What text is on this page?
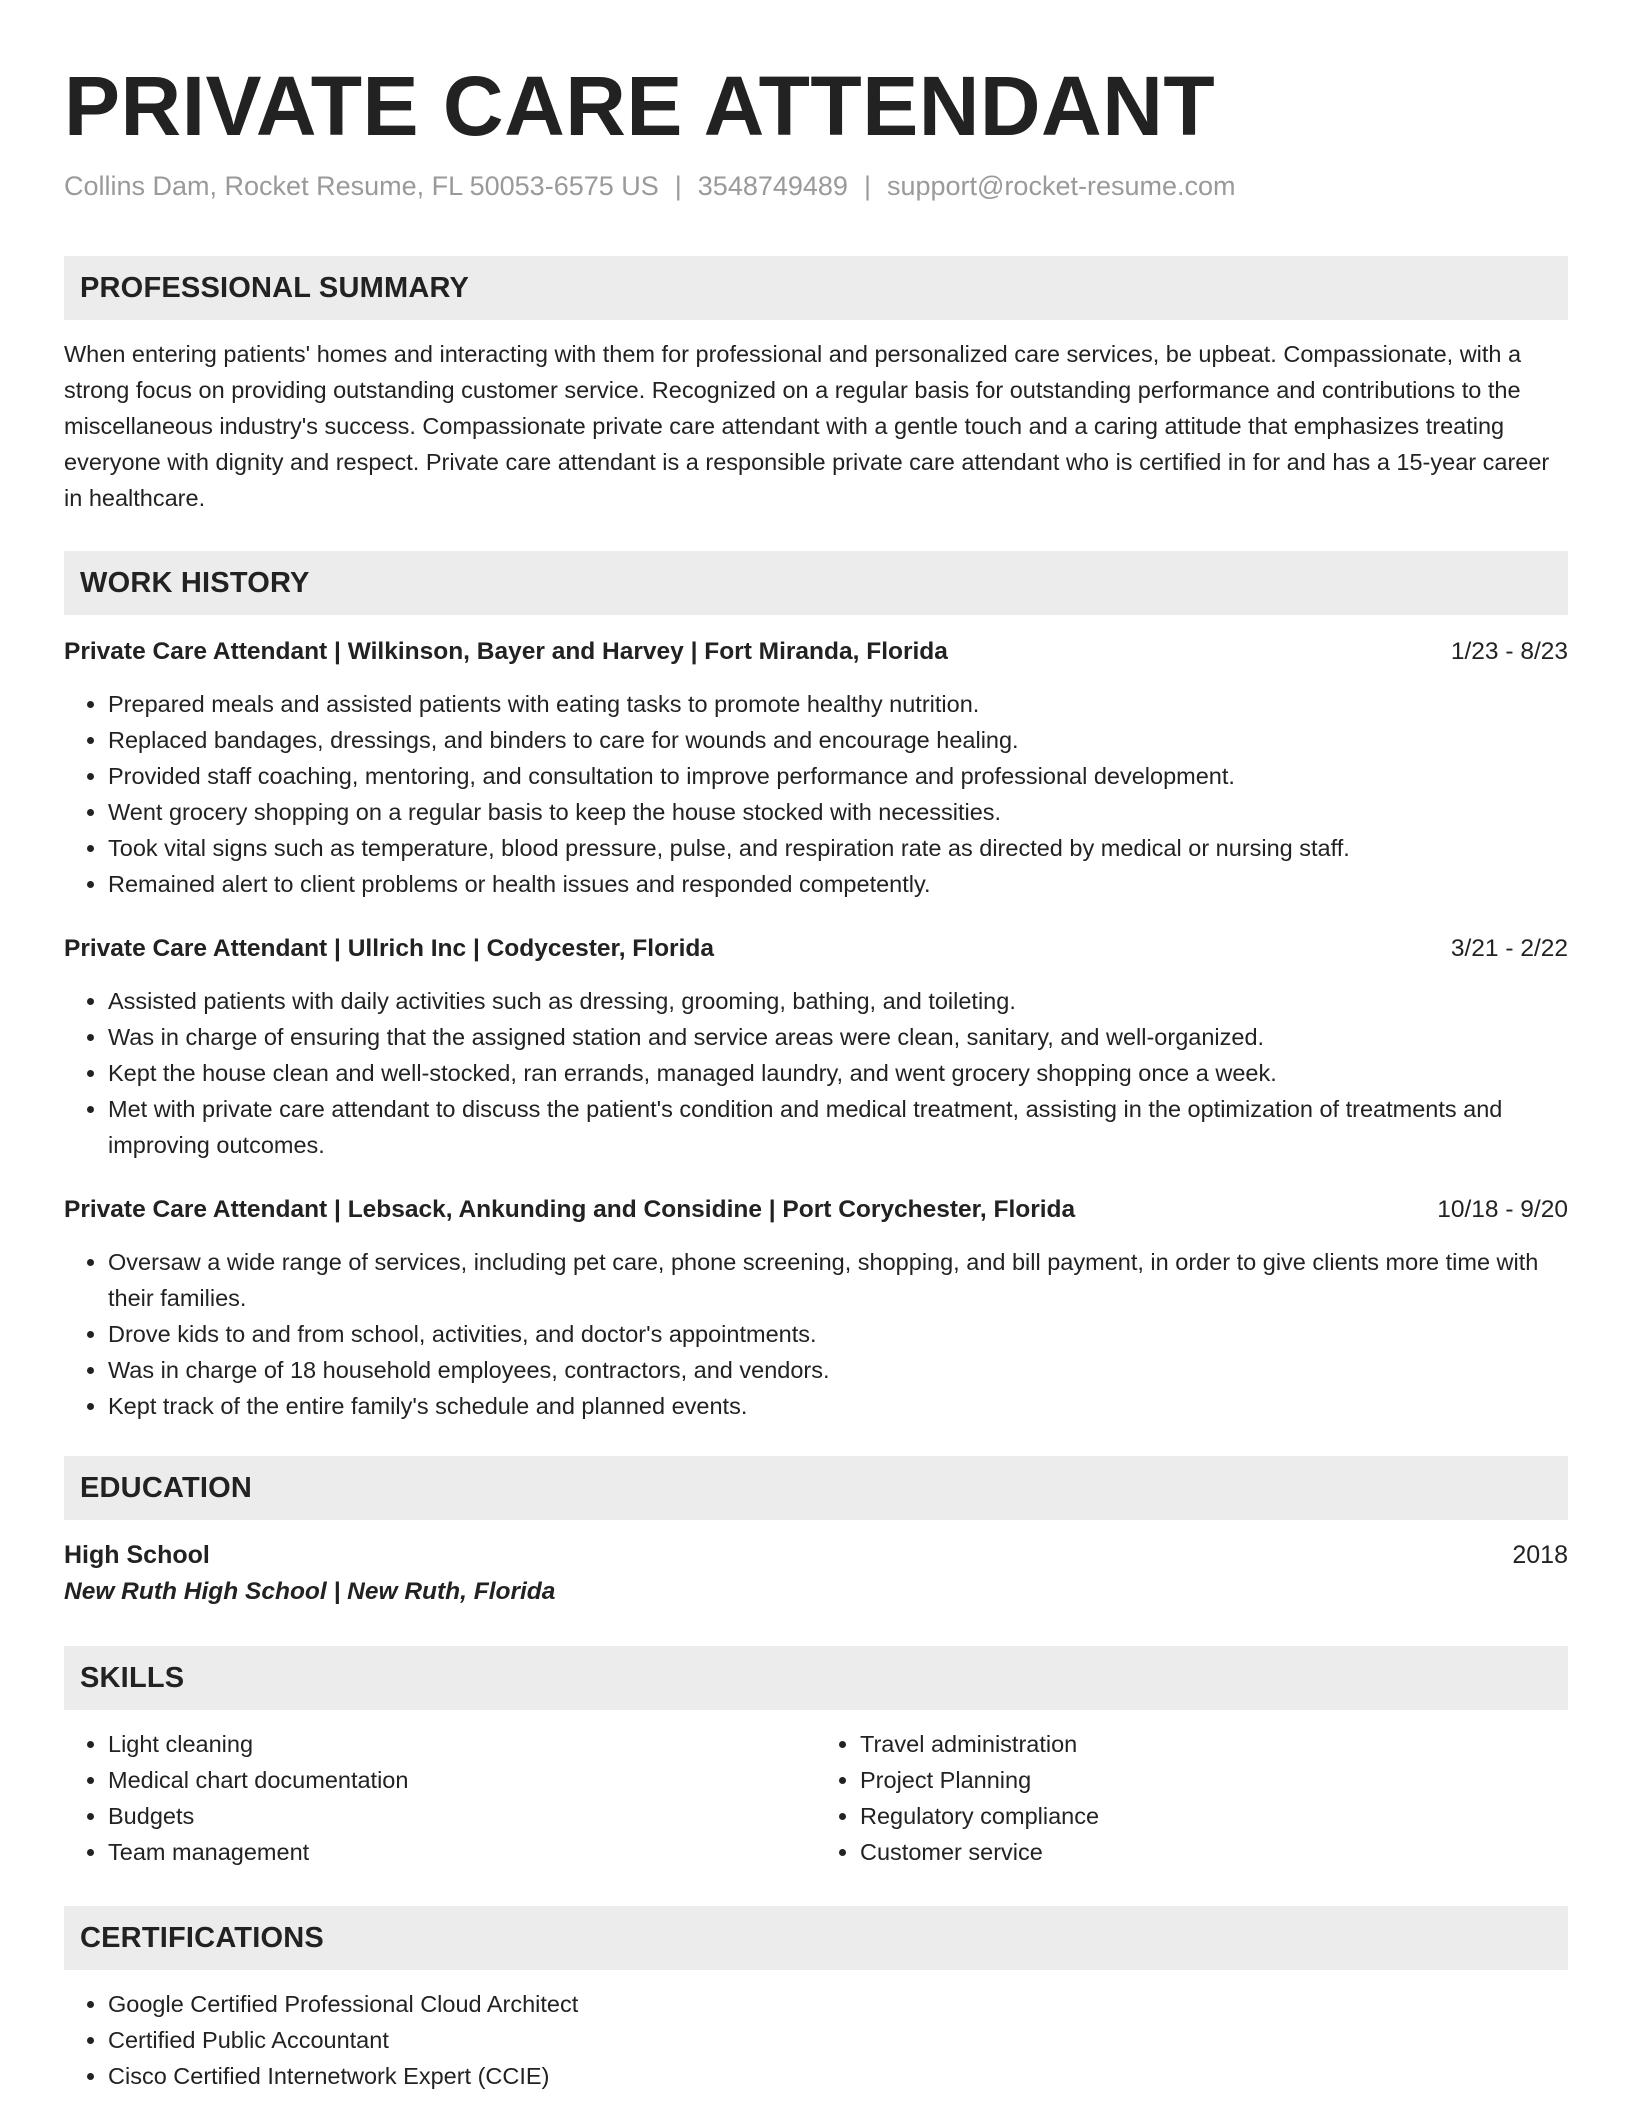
PRIVATE CARE ATTENDANT
Collins Dam, Rocket Resume, FL 50053-6575 US | 3548749489 | support@rocket-resume.com
PROFESSIONAL SUMMARY
When entering patients' homes and interacting with them for professional and personalized care services, be upbeat. Compassionate, with a strong focus on providing outstanding customer service. Recognized on a regular basis for outstanding performance and contributions to the miscellaneous industry's success. Compassionate private care attendant with a gentle touch and a caring attitude that emphasizes treating everyone with dignity and respect. Private care attendant is a responsible private care attendant who is certified in for and has a 15-year career in healthcare.
WORK HISTORY
Private Care Attendant | Wilkinson, Bayer and Harvey | Fort Miranda, Florida	1/23 - 8/23
• Prepared meals and assisted patients with eating tasks to promote healthy nutrition.
• Replaced bandages, dressings, and binders to care for wounds and encourage healing.
• Provided staff coaching, mentoring, and consultation to improve performance and professional development.
• Went grocery shopping on a regular basis to keep the house stocked with necessities.
• Took vital signs such as temperature, blood pressure, pulse, and respiration rate as directed by medical or nursing staff.
• Remained alert to client problems or health issues and responded competently.
Private Care Attendant | Ullrich Inc | Codycester, Florida	3/21 - 2/22
• Assisted patients with daily activities such as dressing, grooming, bathing, and toileting.
• Was in charge of ensuring that the assigned station and service areas were clean, sanitary, and well-organized.
• Kept the house clean and well-stocked, ran errands, managed laundry, and went grocery shopping once a week.
• Met with private care attendant to discuss the patient's condition and medical treatment, assisting in the optimization of treatments and improving outcomes.
Private Care Attendant | Lebsack, Ankunding and Considine | Port Corychester, Florida	10/18 - 9/20
• Oversaw a wide range of services, including pet care, phone screening, shopping, and bill payment, in order to give clients more time with their families.
• Drove kids to and from school, activities, and doctor's appointments.
• Was in charge of 18 household employees, contractors, and vendors.
• Kept track of the entire family's schedule and planned events.
EDUCATION
High School	2018
New Ruth High School | New Ruth, Florida
SKILLS
• Light cleaning
• Medical chart documentation
• Budgets
• Team management
• Travel administration
• Project Planning
• Regulatory compliance
• Customer service
CERTIFICATIONS
• Google Certified Professional Cloud Architect
• Certified Public Accountant
• Cisco Certified Internetwork Expert (CCIE)
